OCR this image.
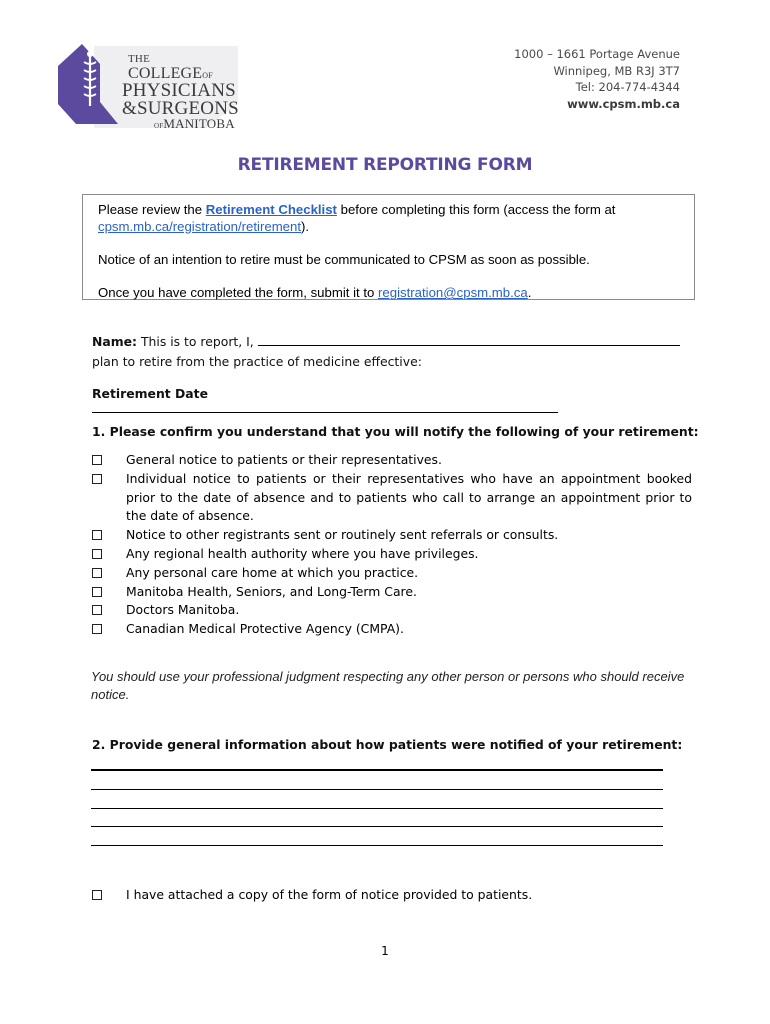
THE
COLLEGEOF
PHYSICIANS
&SURGEONS
OFMANITOBA
1000 – 1661 Portage Avenue
Winnipeg, MB R3J 3T7
Tel: 204-774-4344
www.cpsm.mb.ca
RETIREMENT REPORTING FORM

Please review the Retirement Checklist before completing this form (access the form at
cpsm.mb.ca/registration/retirement).

Notice of an intention to retire must be communicated to CPSM as soon as possible.

Once you have completed the form, submit it to registration@cpsm.mb.ca.

Name: This is to report, I,
plan to retire from the practice of medicine effective:
Retirement Date
1. Please confirm you understand that you will notify the following of your retirement:
General notice to patients or their representatives.
Individual notice to patients or their representatives who have an appointment booked prior to the date of absence and to patients who call to arrange an appointment prior to the date of absence.
Notice to other registrants sent or routinely sent referrals or consults.
Any regional health authority where you have privileges.
Any personal care home at which you practice.
Manitoba Health, Seniors, and Long-Term Care.
Doctors Manitoba.
Canadian Medical Protective Agency (CMPA).
You should use your professional judgment respecting any other person or persons who should receive notice.
2. Provide general information about how patients were notified of your retirement:
I have attached a copy of the form of notice provided to patients.
1
